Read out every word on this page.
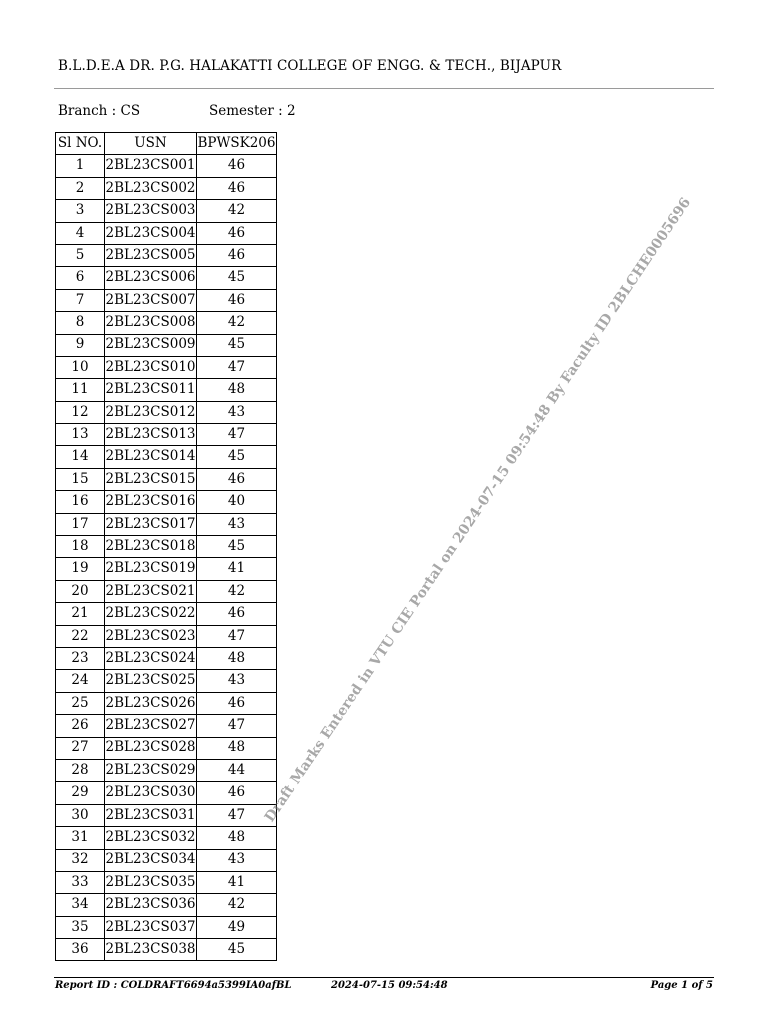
B.L.D.E.A DR. P.G. HALAKATTI COLLEGE OF ENGG. & TECH., BIJAPUR
Branch : CS	Semester : 2
Sl NO.	USN	BPWSK206
1	2BL23CS001	46
2	2BL23CS002	46
3	2BL23CS003	42
4	2BL23CS004	46
5	2BL23CS005	46
6	2BL23CS006	45
7	2BL23CS007	46
8	2BL23CS008	42
9	2BL23CS009	45
10	2BL23CS010	47
11	2BL23CS011	48
12	2BL23CS012	43
13	2BL23CS013	47
14	2BL23CS014	45
15	2BL23CS015	46
16	2BL23CS016	40
17	2BL23CS017	43
18	2BL23CS018	45
19	2BL23CS019	41
20	2BL23CS021	42
21	2BL23CS022	46
22	2BL23CS023	47
23	2BL23CS024	48
24	2BL23CS025	43
25	2BL23CS026	46
26	2BL23CS027	47
27	2BL23CS028	48
28	2BL23CS029	44
29	2BL23CS030	46
30	2BL23CS031	47
31	2BL23CS032	48
32	2BL23CS034	43
33	2BL23CS035	41
34	2BL23CS036	42
35	2BL23CS037	49
36	2BL23CS038	45
Draft Marks Entered in VTU CIE Portal on 2024-07-15 09:54:48 By Faculty ID 2BLCHE0005696
Report ID : COLDRAFT6694a5399IA0afBL	2024-07-15 09:54:48	Page 1 of 5
